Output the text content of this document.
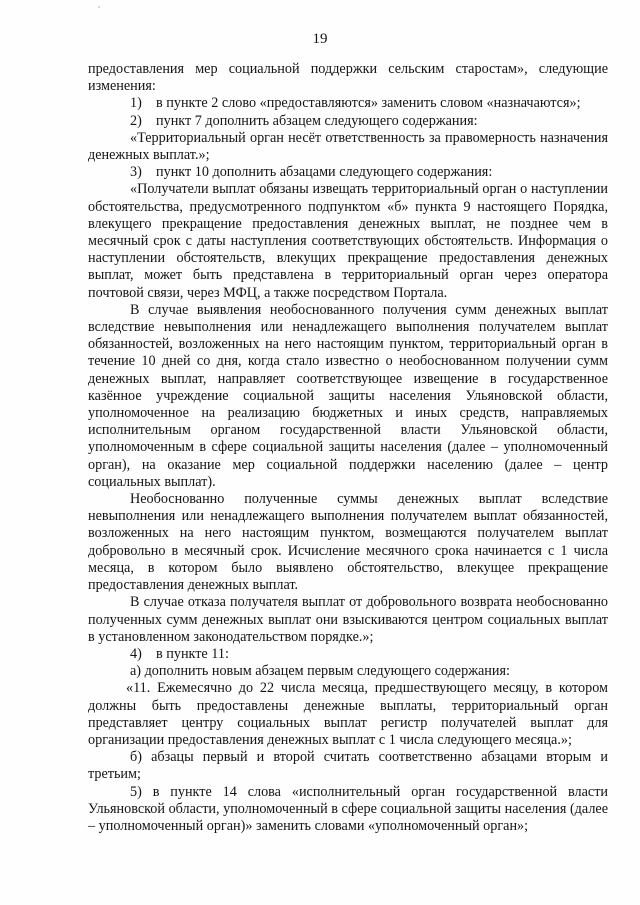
19

предоставления мер социальной поддержки сельским старостам», следующие изменения:

1) в пункте 2 слово «предоставляются» заменить словом «назначаются»;

2) пункт 7 дополнить абзацем следующего содержания:

«Территориальный орган несёт ответственность за правомерность назначения денежных выплат.»;

3) пункт 10 дополнить абзацами следующего содержания:

«Получатели выплат обязаны извещать территориальный орган о наступлении обстоятельства, предусмотренного подпунктом «б» пункта 9 настоящего Порядка, влекущего прекращение предоставления денежных выплат, не позднее чем в месячный срок с даты наступления соответствующих обстоятельств. Информация о наступлении обстоятельств, влекущих прекращение предоставления денежных выплат, может быть представлена в территориальный орган через оператора почтовой связи, через МФЦ, а также посредством Портала.

В случае выявления необоснованного получения сумм денежных выплат вследствие невыполнения или ненадлежащего выполнения получателем выплат обязанностей, возложенных на него настоящим пунктом, территориальный орган в течение 10 дней со дня, когда стало известно о необоснованном получении сумм денежных выплат, направляет соответствующее извещение в государственное казённое учреждение социальной защиты населения Ульяновской области, уполномоченное на реализацию бюджетных и иных средств, направляемых исполнительным органом государственной власти Ульяновской области, уполномоченным в сфере социальной защиты населения (далее – уполномоченный орган), на оказание мер социальной поддержки населению (далее – центр социальных выплат).

Необоснованно полученные суммы денежных выплат вследствие невыполнения или ненадлежащего выполнения получателем выплат обязанностей, возложенных на него настоящим пунктом, возмещаются получателем выплат добровольно в месячный срок. Исчисление месячного срока начинается с 1 числа месяца, в котором было выявлено обстоятельство, влекущее прекращение предоставления денежных выплат.

В случае отказа получателя выплат от добровольного возврата необоснованно полученных сумм денежных выплат они взыскиваются центром социальных выплат в установленном законодательством порядке.»;

4) в пункте 11:

а) дополнить новым абзацем первым следующего содержания:

«11. Ежемесячно до 22 числа месяца, предшествующего месяцу, в котором должны быть предоставлены денежные выплаты, территориальный орган представляет центру социальных выплат регистр получателей выплат для организации предоставления денежных выплат с 1 числа следующего месяца.»;

б) абзацы первый и второй считать соответственно абзацами вторым и третьим;

5) в пункте 14 слова «исполнительный орган государственной власти Ульяновской области, уполномоченный в сфере социальной защиты населения (далее – уполномоченный орган)» заменить словами «уполномоченный орган»;
